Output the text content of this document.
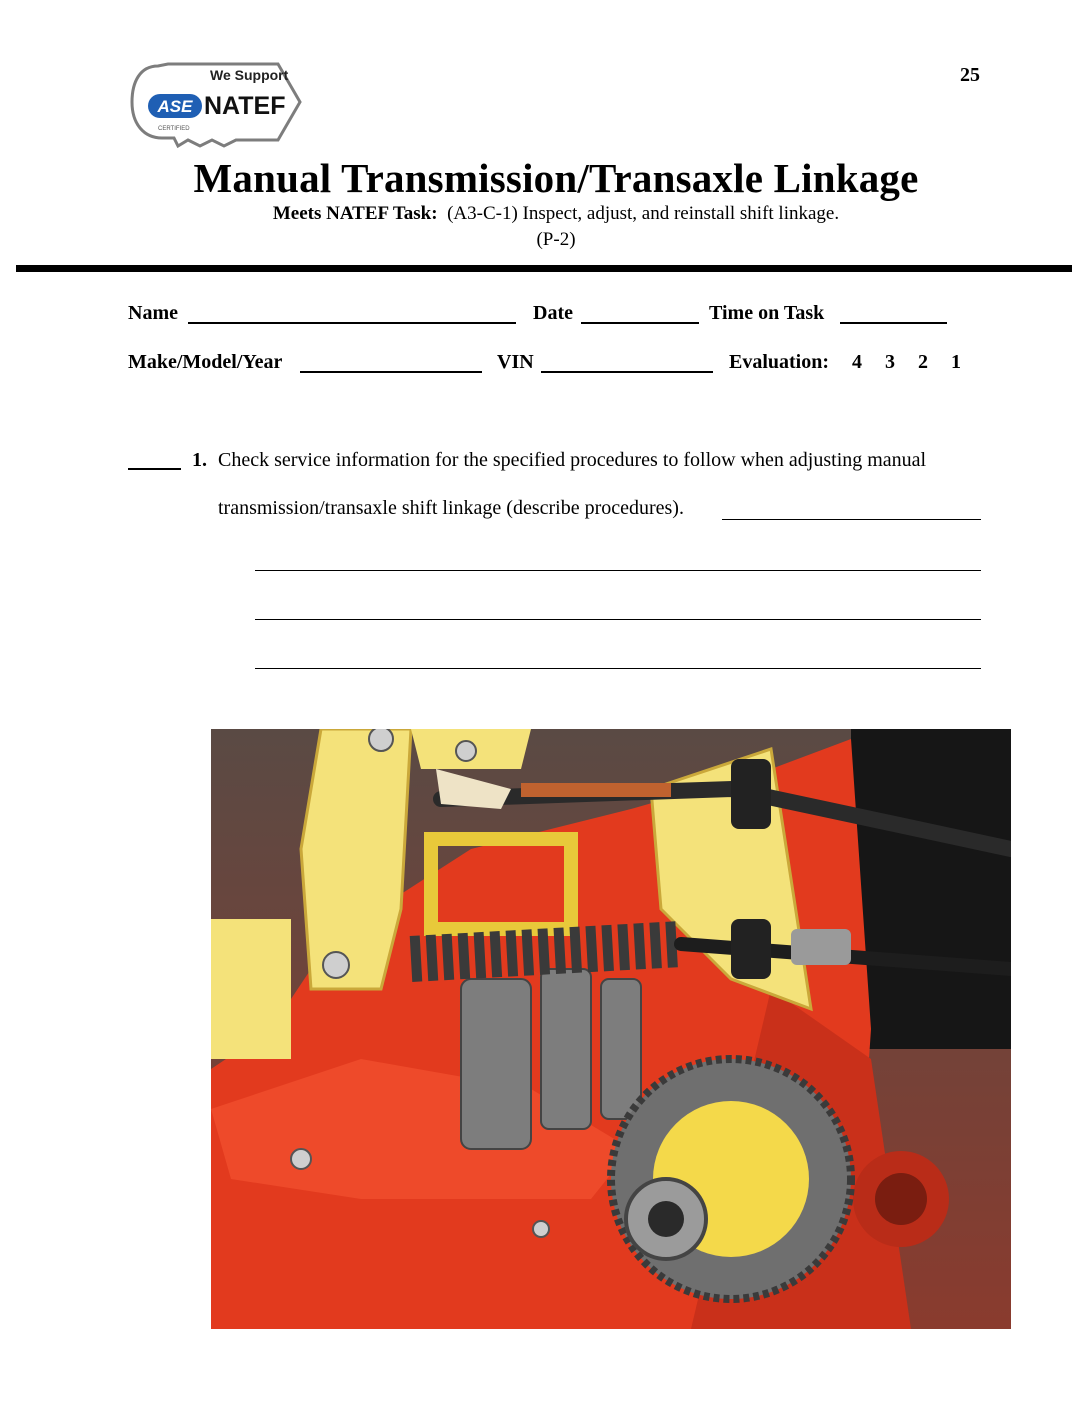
ASE
CERTIFIED
We Support
NATEF
25
Manual Transmission/Transaxle Linkage
Meets NATEF Task: (A3-C-1) Inspect, adjust, and reinstall shift linkage.
(P-2)
Name	Date	Time on Task
Make/Model/Year	VIN	Evaluation: 4 3 2 1
1. Check service information for the specified procedures to follow when adjusting manual
transmission/transaxle shift linkage (describe procedures).
